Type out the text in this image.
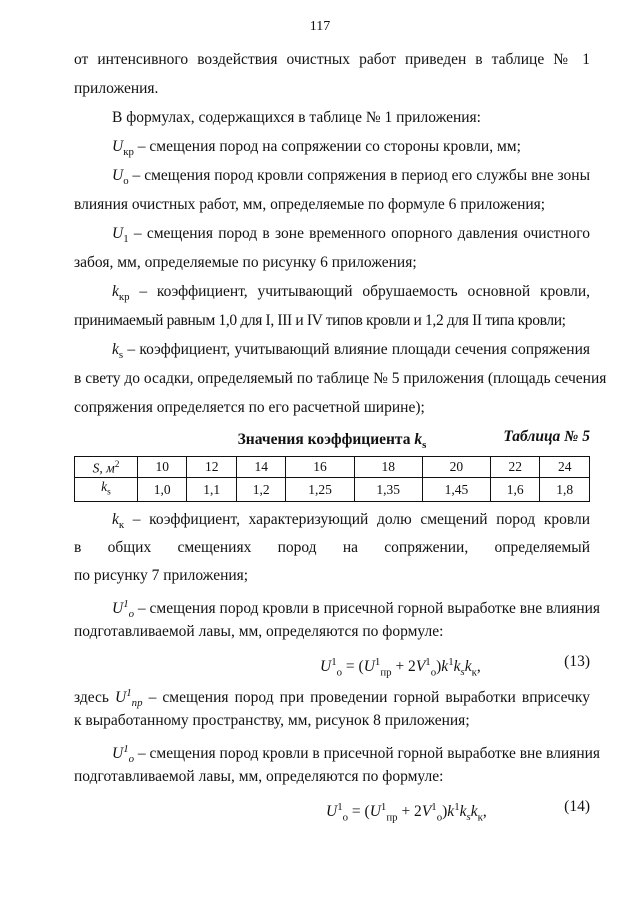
117
от интенсивного воздействия очистных работ приведен в таблице № 1
приложения.
В формулах, содержащихся в таблице № 1 приложения:
$U_{кр}$ – смещения пород на сопряжении со стороны кровли, мм;
$U_о$ – смещения пород кровли сопряжения в период его службы вне зоны
влияния очистных работ, мм, определяемые по формуле 6 приложения;
$U_1$ – смещения пород в зоне временного опорного давления очистного
забоя, мм, определяемые по рисунку 6 приложения;
$k_{кр}$ – коэффициент, учитывающий обрушаемость основной кровли,
принимаемый равным 1,0 для I, III и IV типов кровли и 1,2 для II типа кровли;
$k_s$ – коэффициент, учитывающий влияние площади сечения сопряжения
в свету до осадки, определяемый по таблице № 5 приложения (площадь сечения
сопряжения определяется по его расчетной ширине);
Таблица № 5
Значения коэффициента $k_s$
S, $м^2$	10	12	14	16	18	20	22	24
$k_s$	1,0	1,1	1,2	1,25	1,35	1,45	1,6	1,8
$k_к$ – коэффициент, характеризующий долю смещений пород кровли
в общих смещениях пород на сопряжении, определяемый
по рисунку 7 приложения;
$U^1_о$ – смещения пород кровли в присечной горной выработке вне влияния
подготавливаемой лавы, мм, определяются по формуле:
$U^1_о = (U^1_{пр} + 2V^1_о)k^1k_sk_к$,	(13)
здесь $U^1_{пр}$ – смещения пород при проведении горной выработки вприсечку
к выработанному пространству, мм, рисунок 8 приложения;
$U^1_о$ – смещения пород кровли в присечной горной выработке вне влияния
подготавливаемой лавы, мм, определяются по формуле:
$U^1_о = (U^1_{пр} + 2V^1_о)k^1k_sk_к$,	(14)
